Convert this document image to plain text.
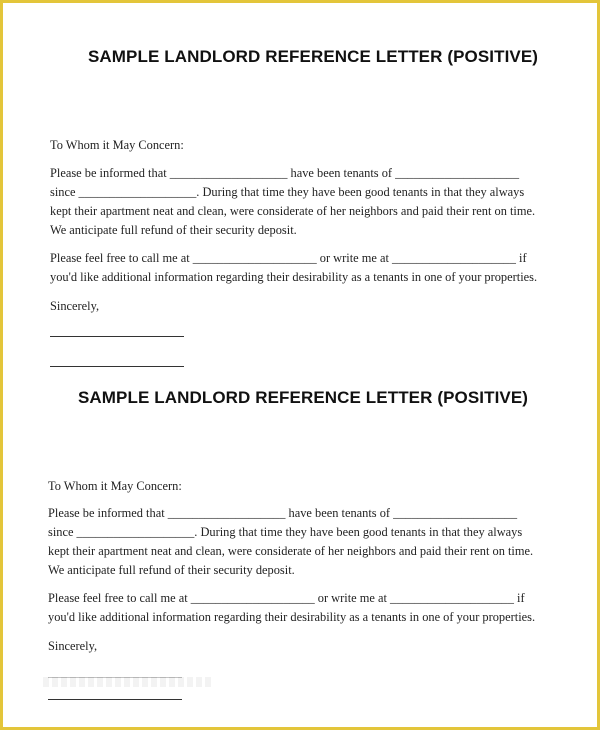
SAMPLE LANDLORD REFERENCE LETTER (POSITIVE)
To Whom it May Concern:
Please be informed that ___________________ have been tenants of ____________________
since ___________________. During that time they have been good tenants in that they always
kept their apartment neat and clean, were considerate of her neighbors and paid their rent on time.
We anticipate full refund of their security deposit.
Please feel free to call me at ____________________ or write me at ____________________ if
you'd like additional information regarding their desirability as a tenants in one of your properties.
Sincerely,
SAMPLE LANDLORD REFERENCE LETTER (POSITIVE)
To Whom it May Concern:
Please be informed that ___________________ have been tenants of ____________________
since ___________________. During that time they have been good tenants in that they always
kept their apartment neat and clean, were considerate of her neighbors and paid their rent on time.
We anticipate full refund of their security deposit.
Please feel free to call me at ____________________ or write me at ____________________ if
you'd like additional information regarding their desirability as a tenants in one of your properties.
Sincerely,
